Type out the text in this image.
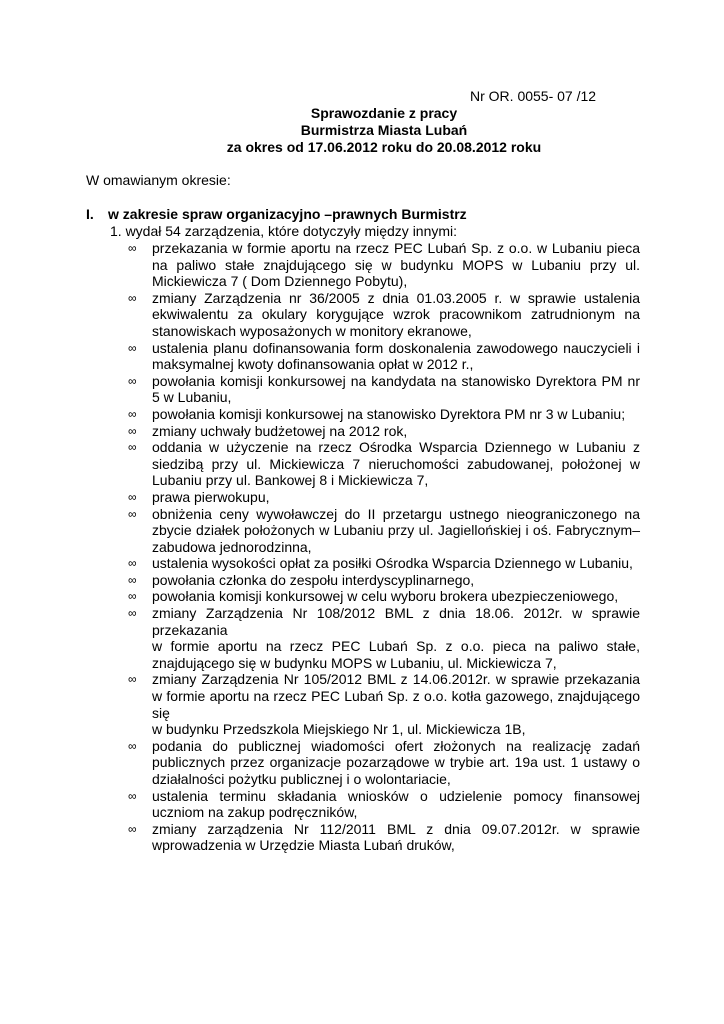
Nr OR. 0055- 07 /12
Sprawozdanie z pracy
Burmistrza Miasta Lubań
za okres od 17.06.2012 roku do 20.08.2012 roku
W omawianym okresie:
I. w zakresie spraw organizacyjno –prawnych Burmistrz
1. wydał 54 zarządzenia, które dotyczyły między innymi:
∞ przekazania w formie aportu na rzecz PEC Lubań Sp. z o.o. w Lubaniu pieca na paliwo stałe znajdującego się w budynku MOPS w Lubaniu przy ul. Mickiewicza 7 ( Dom Dziennego Pobytu),
∞ zmiany Zarządzenia nr 36/2005 z dnia 01.03.2005 r. w sprawie ustalenia ekwiwalentu za okulary korygujące wzrok pracownikom zatrudnionym na stanowiskach wyposażonych w monitory ekranowe,
∞ ustalenia planu dofinansowania form doskonalenia zawodowego nauczycieli i maksymalnej kwoty dofinansowania opłat w 2012 r.,
∞ powołania komisji konkursowej na kandydata na stanowisko Dyrektora PM nr 5 w Lubaniu,
∞ powołania komisji konkursowej na stanowisko Dyrektora PM nr 3 w Lubaniu;
∞ zmiany uchwały budżetowej na 2012 rok,
∞ oddania w użyczenie na rzecz Ośrodka Wsparcia Dziennego w Lubaniu z siedzibą przy ul. Mickiewicza 7 nieruchomości zabudowanej, położonej w Lubaniu przy ul. Bankowej 8 i Mickiewicza 7,
∞ prawa pierwokupu,
∞ obniżenia ceny wywoławczej do II przetargu ustnego nieograniczonego na zbycie działek położonych w Lubaniu przy ul. Jagiellońskiej i oś. Fabrycznym– zabudowa jednorodzinna,
∞ ustalenia wysokości opłat za posiłki Ośrodka Wsparcia Dziennego w Lubaniu,
∞ powołania członka do zespołu interdyscyplinarnego,
∞ powołania komisji konkursowej w celu wyboru brokera ubezpieczeniowego,
∞ zmiany Zarządzenia Nr 108/2012 BML z dnia 18.06. 2012r. w sprawie przekazania
w formie aportu na rzecz PEC Lubań Sp. z o.o. pieca na paliwo stałe, znajdującego się w budynku MOPS w Lubaniu, ul. Mickiewicza 7,
∞ zmiany Zarządzenia Nr 105/2012 BML z 14.06.2012r. w sprawie przekazania w formie aportu na rzecz PEC Lubań Sp. z o.o. kotła gazowego, znajdującego się
w budynku Przedszkola Miejskiego Nr 1, ul. Mickiewicza 1B,
∞ podania do publicznej wiadomości ofert złożonych na realizację zadań publicznych przez organizacje pozarządowe w trybie art. 19a ust. 1 ustawy o działalności pożytku publicznej i o wolontariacie,
∞ ustalenia terminu składania wniosków o udzielenie pomocy finansowej uczniom na zakup podręczników,
∞ zmiany zarządzenia Nr 112/2011 BML z dnia 09.07.2012r. w sprawie wprowadzenia w Urzędzie Miasta Lubań druków,
